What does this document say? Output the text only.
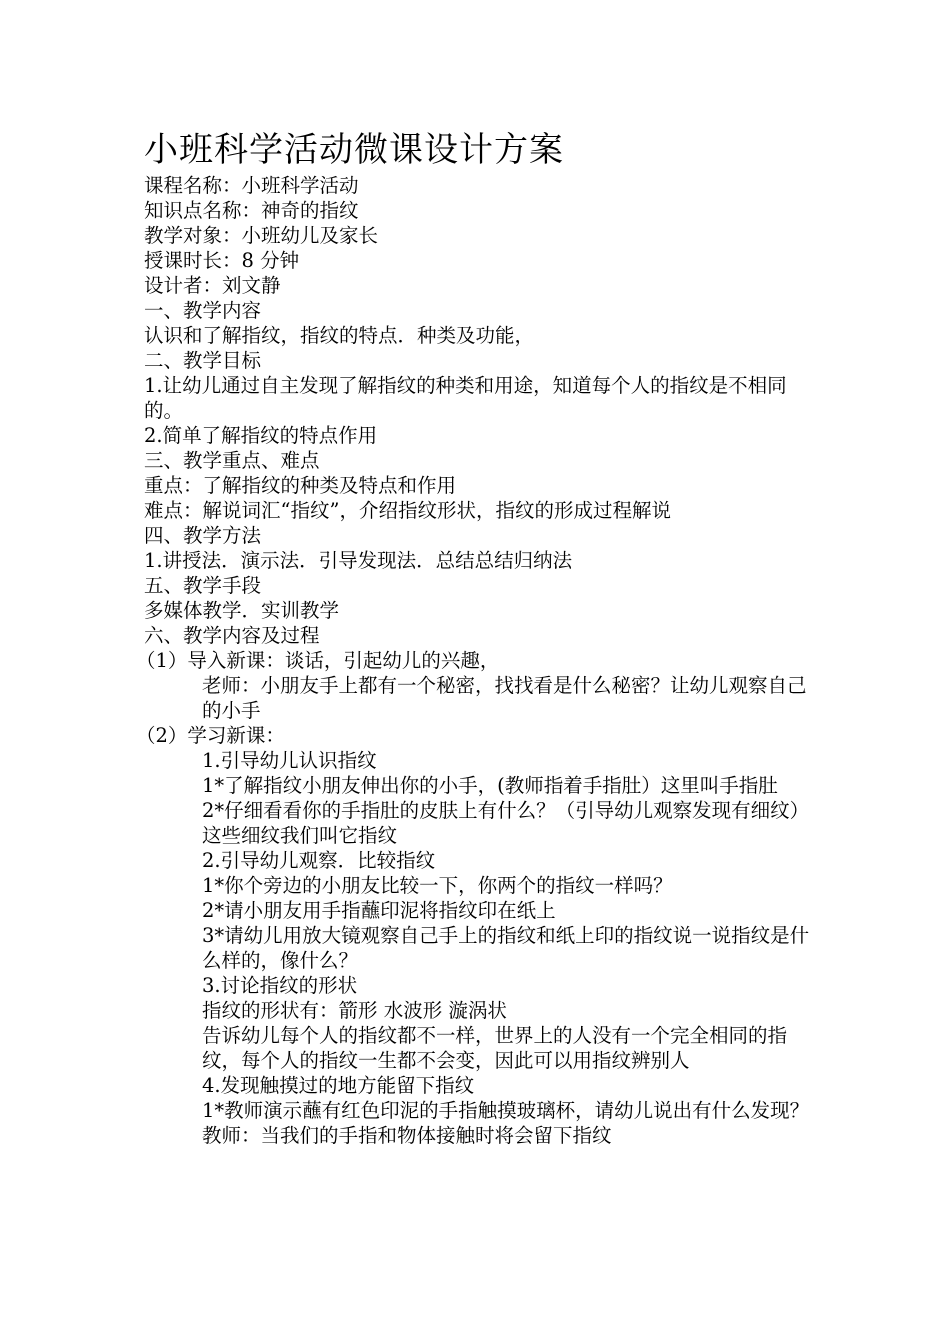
小班科学活动微课设计方案
课程名称：小班科学活动
知识点名称：神奇的指纹
教学对象：小班幼儿及家长
授课时长：8 分钟
设计者：刘文静
一、教学内容
认识和了解指纹，指纹的特点．种类及功能，
二、教学目标
1.让幼儿通过自主发现了解指纹的种类和用途，知道每个人的指纹是不相同的。
2.简单了解指纹的特点作用
三、教学重点、难点
重点：了解指纹的种类及特点和作用
难点：解说词汇“指纹”，介绍指纹形状，指纹的形成过程解说
四、教学方法
1.讲授法．演示法．引导发现法．总结总结归纳法
五、教学手段
多媒体教学．实训教学
六、教学内容及过程
（1）导入新课：谈话，引起幼儿的兴趣，
老师：小朋友手上都有一个秘密，找找看是什么秘密？让幼儿观察自己的小手
（2）学习新课：
1.引导幼儿认识指纹
1*了解指纹小朋友伸出你的小手，(教师指着手指肚）这里叫手指肚
2*仔细看看你的手指肚的皮肤上有什么？（引导幼儿观察发现有细纹）这些细纹我们叫它指纹
2.引导幼儿观察．比较指纹
1*你个旁边的小朋友比较一下，你两个的指纹一样吗？
2*请小朋友用手指蘸印泥将指纹印在纸上
3*请幼儿用放大镜观察自己手上的指纹和纸上印的指纹说一说指纹是什么样的，像什么？
3.讨论指纹的形状
指纹的形状有：箭形 水波形 漩涡状
告诉幼儿每个人的指纹都不一样，世界上的人没有一个完全相同的指纹，每个人的指纹一生都不会变，因此可以用指纹辨别人
4.发现触摸过的地方能留下指纹
1*教师演示蘸有红色印泥的手指触摸玻璃杯，请幼儿说出有什么发现？
教师：当我们的手指和物体接触时将会留下指纹
